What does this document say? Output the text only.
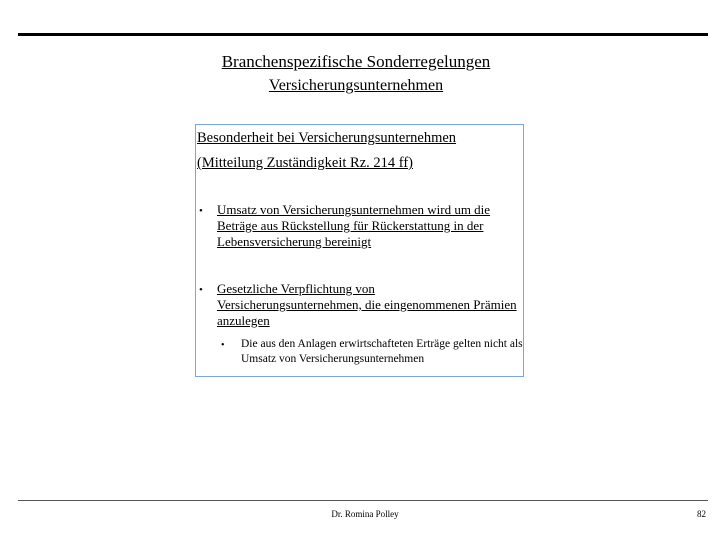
Branchenspezifische Sonderregelungen
Versicherungsunternehmen
Besonderheit bei Versicherungsunternehmen
(Mitteilung Zuständigkeit Rz. 214 ff)
• Umsatz von Versicherungsunternehmen wird um die Beträge aus Rückstellung für Rückerstattung in der Lebensversicherung bereinigt
• Gesetzliche Verpflichtung von Versicherungsunternehmen, die eingenommenen Prämien anzulegen
• Die aus den Anlagen erwirtschafteten Erträge gelten nicht als Umsatz von Versicherungsunternehmen
Dr. Romina Polley	82
